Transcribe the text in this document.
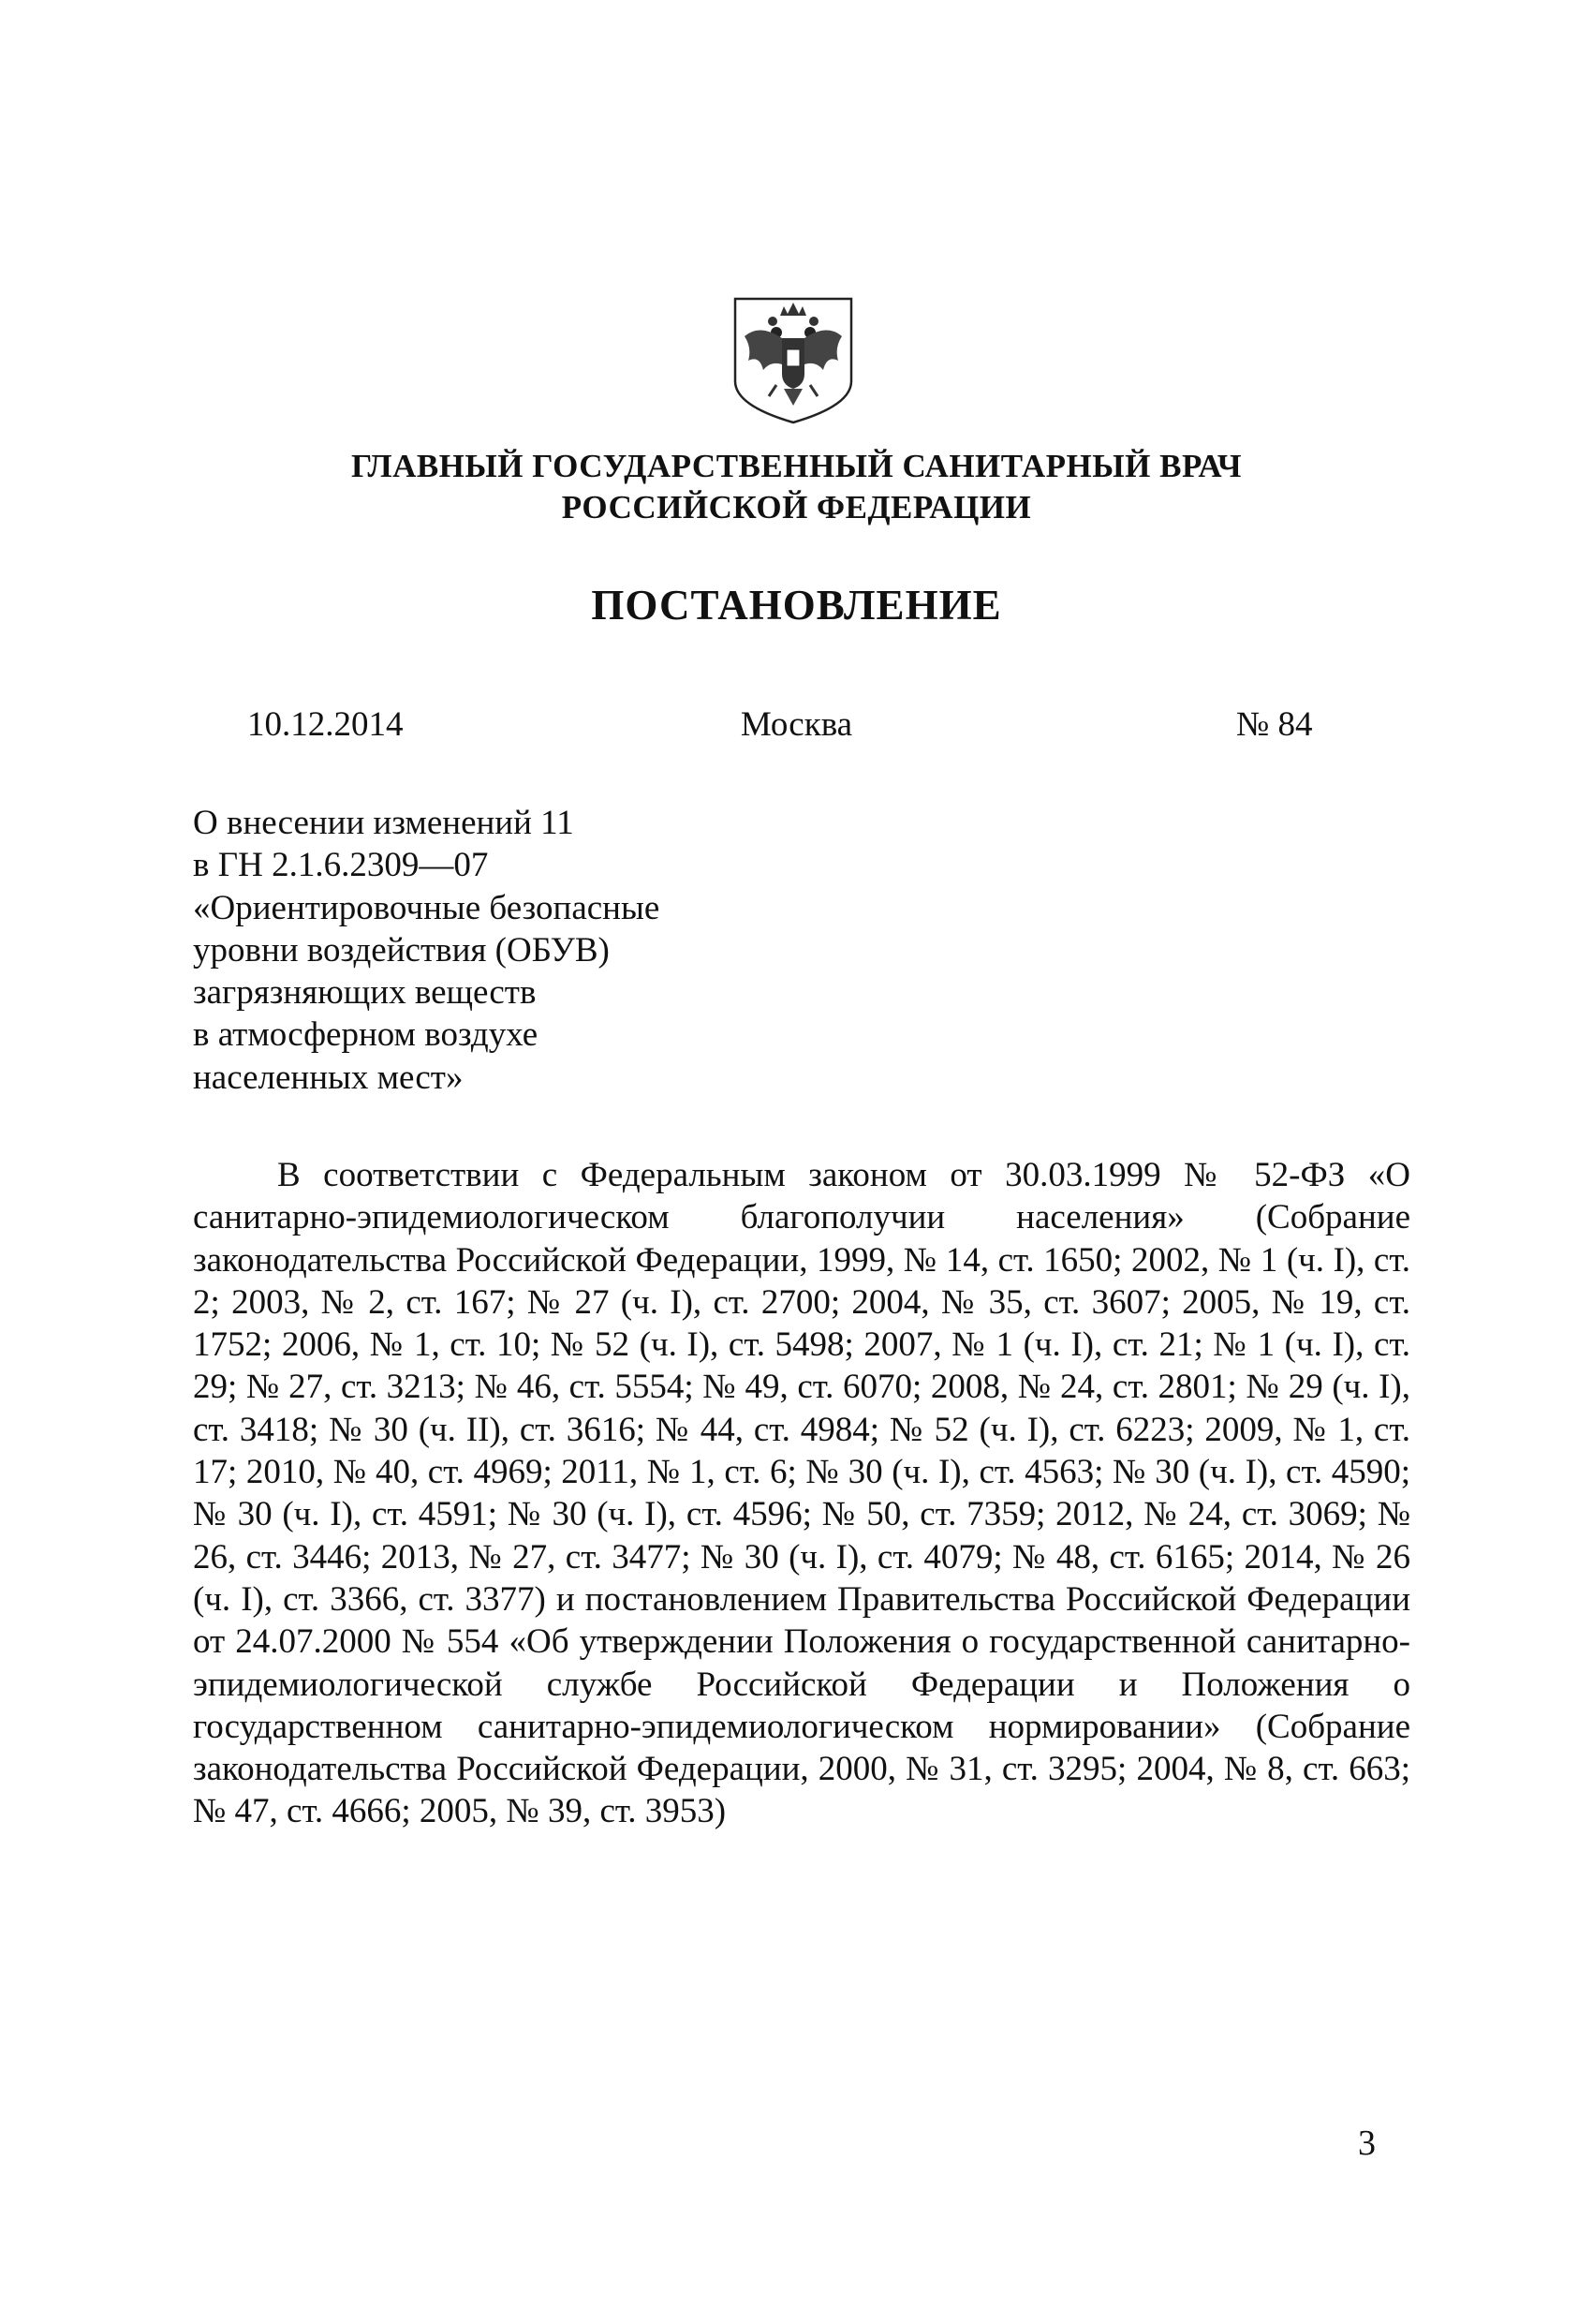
ГЛАВНЫЙ ГОСУДАРСТВЕННЫЙ САНИТАРНЫЙ ВРАЧ
РОССИЙСКОЙ ФЕДЕРАЦИИ
ПОСТАНОВЛЕНИЕ
10.12.2014	Москва	№ 84
О внесении изменений 11
в ГН 2.1.6.2309—07
«Ориентировочные безопасные
уровни воздействия (ОБУВ)
загрязняющих веществ
в атмосферном воздухе
населенных мест»
В соответствии с Федеральным законом от 30.03.1999 № 52-ФЗ «О санитарно-эпидемиологическом благополучии населения» (Собрание законодательства Российской Федерации, 1999, № 14, ст. 1650; 2002, № 1 (ч. I), ст. 2; 2003, № 2, ст. 167; № 27 (ч. I), ст. 2700; 2004, № 35, ст. 3607; 2005, № 19, ст. 1752; 2006, № 1, ст. 10; № 52 (ч. I), ст. 5498; 2007, № 1 (ч. I), ст. 21; № 1 (ч. I), ст. 29; № 27, ст. 3213; № 46, ст. 5554; № 49, ст. 6070; 2008, № 24, ст. 2801; № 29 (ч. I), ст. 3418; № 30 (ч. II), ст. 3616; № 44, ст. 4984; № 52 (ч. I), ст. 6223; 2009, № 1, ст. 17; 2010, № 40, ст. 4969; 2011, № 1, ст. 6; № 30 (ч. I), ст. 4563; № 30 (ч. I), ст. 4590; № 30 (ч. I), ст. 4591; № 30 (ч. I), ст. 4596; № 50, ст. 7359; 2012, № 24, ст. 3069; № 26, ст. 3446; 2013, № 27, ст. 3477; № 30 (ч. I), ст. 4079; № 48, ст. 6165; 2014, № 26 (ч. I), ст. 3366, ст. 3377) и постановлением Правительства Российской Федерации от 24.07.2000 № 554 «Об утверждении Положения о государственной санитарно-эпидемиологической службе Российской Федерации и Положения о государственном санитарно-эпидемиологическом нормировании» (Собрание законодательства Российской Федерации, 2000, № 31, ст. 3295; 2004, № 8, ст. 663; № 47, ст. 4666; 2005, № 39, ст. 3953)
3
